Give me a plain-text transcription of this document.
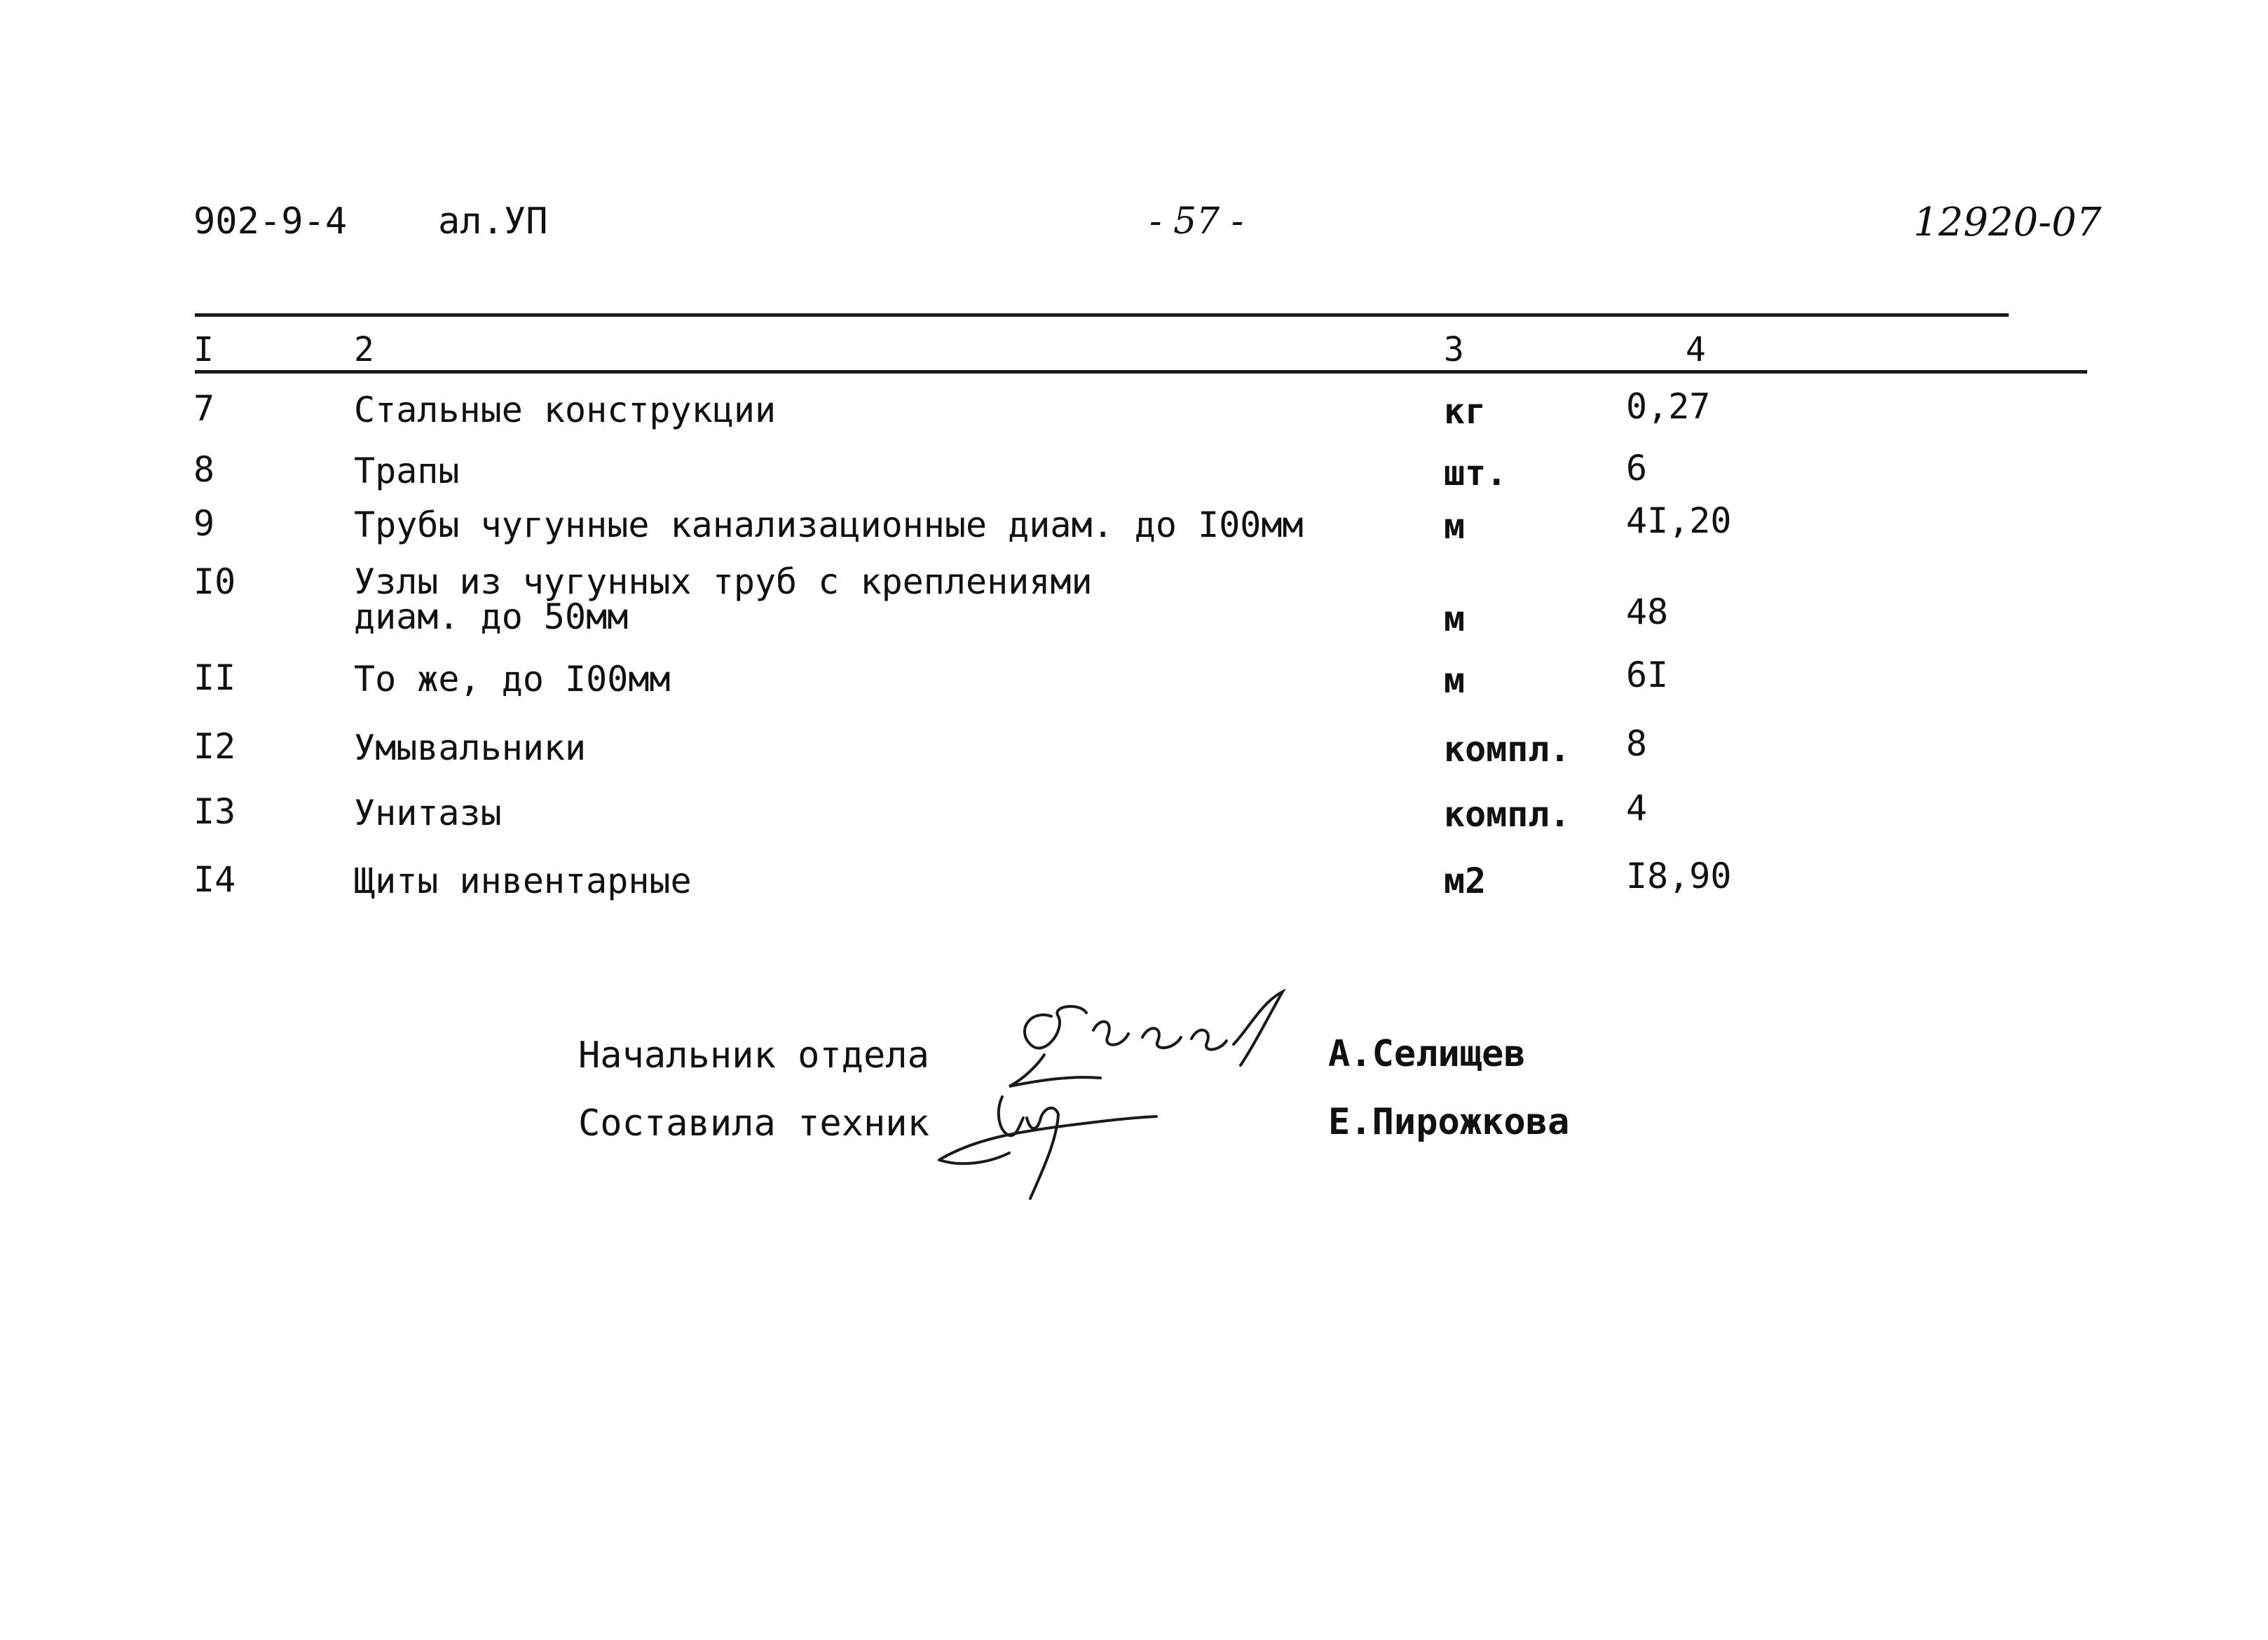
902-9-4 ал.УП	- 57 -	12920-07
I	2	3	4
7	Стальные конструкции	кг	0,27
8	Трапы	шт.	6
9	Трубы чугунные канализационные диам. до I00мм	м	4I,20
I0	Узлы из чугунных труб с креплениями
диам. до 50мм	м	48
II	То же, до I00мм	м	6I
I2	Умывальники	компл. 8
I3	Унитазы	компл. 4
I4	Щиты инвентарные	м2	I8,90
Начальник отдела	А.Селищев
Составила техник	Е.Пирожкова
